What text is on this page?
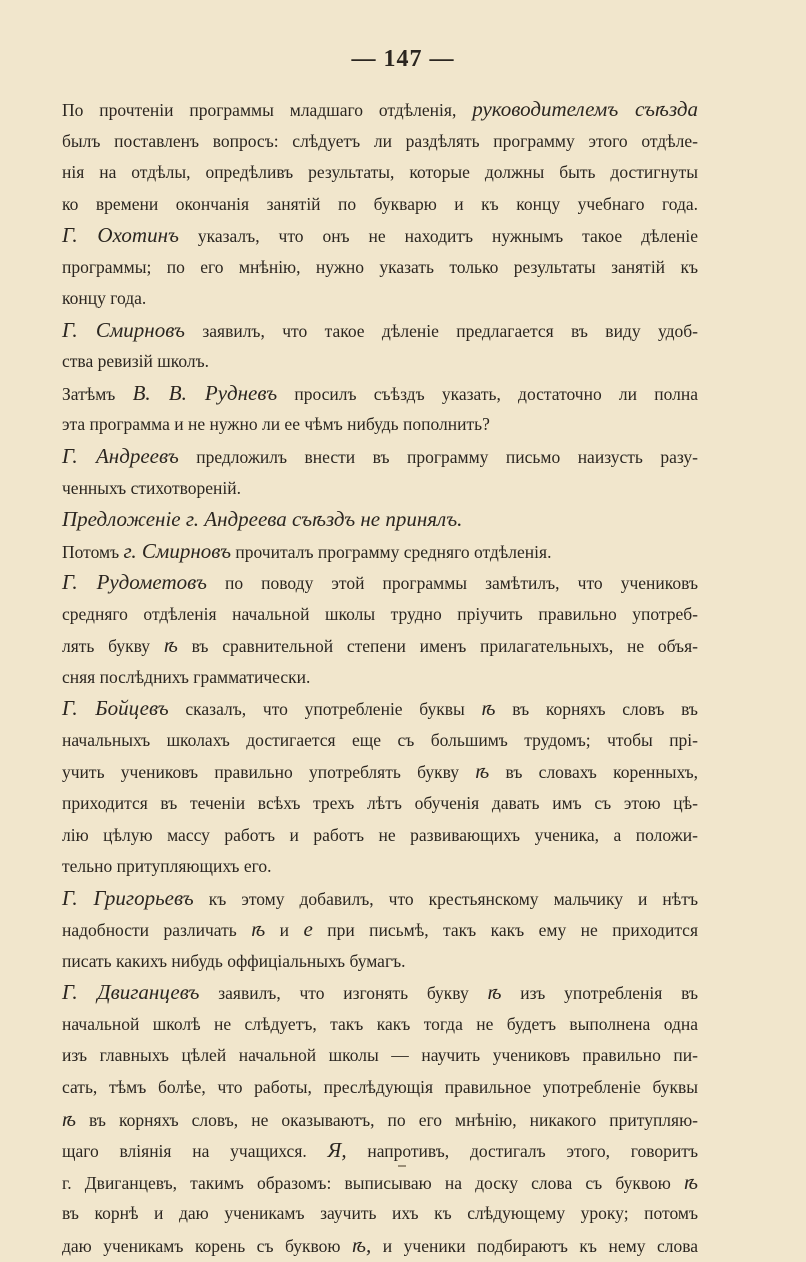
— 147 —
По прочтеніи программы младшаго отдѣленія, руководителемъ съѣзда
былъ поставленъ вопросъ: слѣдуетъ ли раздѣлять программу этого отдѣле-
нія на отдѣлы, опредѣливъ результаты, которые должны быть достигнуты
ко времени окончанія занятій по букварю и къ концу учебнаго года.
Г. Охотинъ указалъ, что онъ не находитъ нужнымъ такое дѣленіе
программы; по его мнѣнію, нужно указать только результаты занятій къ
концу года.
Г. Смирновъ заявилъ, что такое дѣленіе предлагается въ виду удоб-
ства ревизій школъ.
Затѣмъ В. В. Рудневъ просилъ съѣздъ указать, достаточно ли полна
эта программа и не нужно ли ее чѣмъ нибудь пополнить?
Г. Андреевъ предложилъ внести въ программу письмо наизусть разу-
ченныхъ стихотвореній.
Предложеніе г. Андреева съѣздъ не принялъ.
Потомъ г. Смирновъ прочиталъ программу средняго отдѣленія.
Г. Рудометовъ по поводу этой программы замѣтилъ, что учениковъ
средняго отдѣленія начальной школы трудно пріучить правильно употреб-
лять букву ѣ въ сравнительной степени именъ прилагательныхъ, не объя-
сняя послѣднихъ грамматически.
Г. Бойцевъ сказалъ, что употребленіе буквы ѣ въ корняхъ словъ въ
начальныхъ школахъ достигается еще съ большимъ трудомъ; чтобы прі-
учить учениковъ правильно употреблять букву ѣ въ словахъ коренныхъ,
приходится въ теченіи всѣхъ трехъ лѣтъ обученія давать имъ съ этою цѣ-
лію цѣлую массу работъ и работъ не развивающихъ ученика, а положи-
тельно притупляющихъ его.
Г. Григорьевъ къ этому добавилъ, что крестьянскому мальчику и нѣтъ
надобности различать ѣ и е при письмѣ, такъ какъ ему не приходится
писать какихъ нибудь оффиціальныхъ бумагъ.
Г. Двиганцевъ заявилъ, что изгонять букву ѣ изъ употребленія въ
начальной школѣ не слѣдуетъ, такъ какъ тогда не будетъ выполнена одна
изъ главныхъ цѣлей начальной школы — научить учениковъ правильно пи-
сать, тѣмъ болѣе, что работы, преслѣдующія правильное употребленіе буквы
ѣ въ корняхъ словъ, не оказываютъ, по его мнѣнію, никакого притупляю-
щаго вліянія на учащихся. Я, напротивъ, достигалъ этого, говоритъ
г. Двиганцевъ, такимъ образомъ: выписываю на доску слова съ буквою ѣ
въ корнѣ и даю ученикамъ заучить ихъ къ слѣдующему уроку; потомъ
даю ученикамъ корень съ буквою ѣ, и ученики подбираютъ къ нему слова
